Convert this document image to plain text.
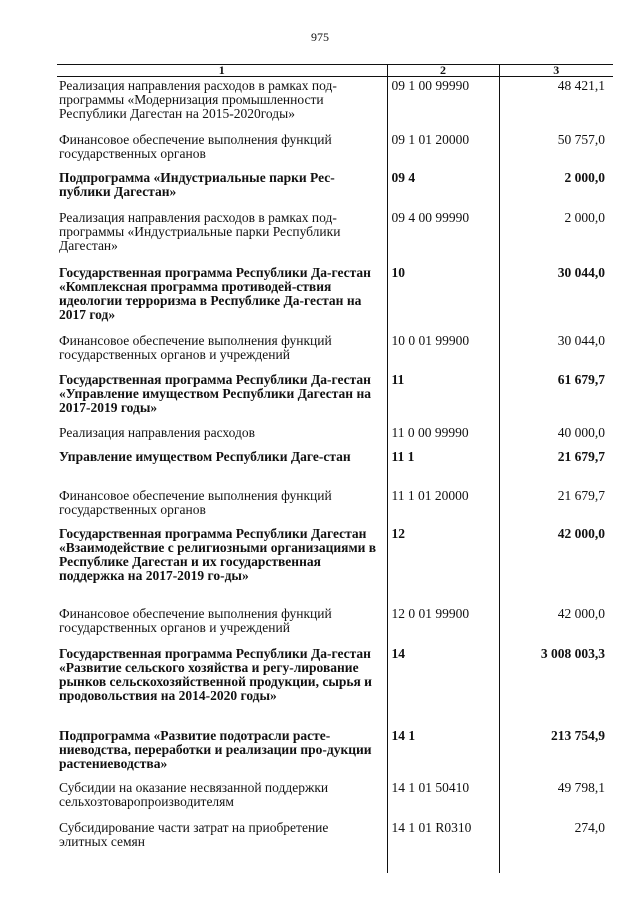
975
1	2	3
Реализация направления расходов в рамках под-программы «Модернизация промышленности Республики Дагестан на 2015-2020годы»	09 1 00 99990	48 421,1
Финансовое обеспечение выполнения функций государственных органов	09 1 01 20000	50 757,0
Подпрограмма «Индустриальные парки Рес-публики Дагестан»	09 4	2 000,0
Реализация направления расходов в рамках под-программы «Индустриальные парки Республики Дагестан»	09 4 00 99990	2 000,0
Государственная программа Республики Да-гестан «Комплексная программа противодей-ствия идеологии терроризма в Республике Да-гестан на 2017 год»	10	30 044,0
Финансовое обеспечение выполнения функций государственных органов и учреждений	10 0 01 99900	30 044,0
Государственная программа Республики Да-гестан «Управление имуществом Республики Дагестан на 2017-2019 годы»	11	61 679,7
Реализация направления расходов	11 0 00 99990	40 000,0
Управление имуществом Республики Даге-стан	11 1	21 679,7
Финансовое обеспечение выполнения функций государственных органов	11 1 01 20000	21 679,7
Государственная программа Республики Дагестан «Взаимодействие с религиозными организациями в Республике Дагестан и их государственная поддержка на 2017-2019 го-ды»	12	42 000,0
Финансовое обеспечение выполнения функций государственных органов и учреждений	12 0 01 99900	42 000,0
Государственная программа Республики Да-гестан «Развитие сельского хозяйства и регу-лирование рынков сельскохозяйственной продукции, сырья и продовольствия на 2014-2020 годы»	14	3 008 003,3
Подпрограмма «Развитие подотрасли расте-ниеводства, переработки и реализации про-дукции растениеводства»	14 1	213 754,9
Субсидии на оказание несвязанной поддержки сельхозтоваропроизводителям	14 1 01 50410	49 798,1
Субсидирование части затрат на приобретение элитных семян	14 1 01 R0310	274,0
